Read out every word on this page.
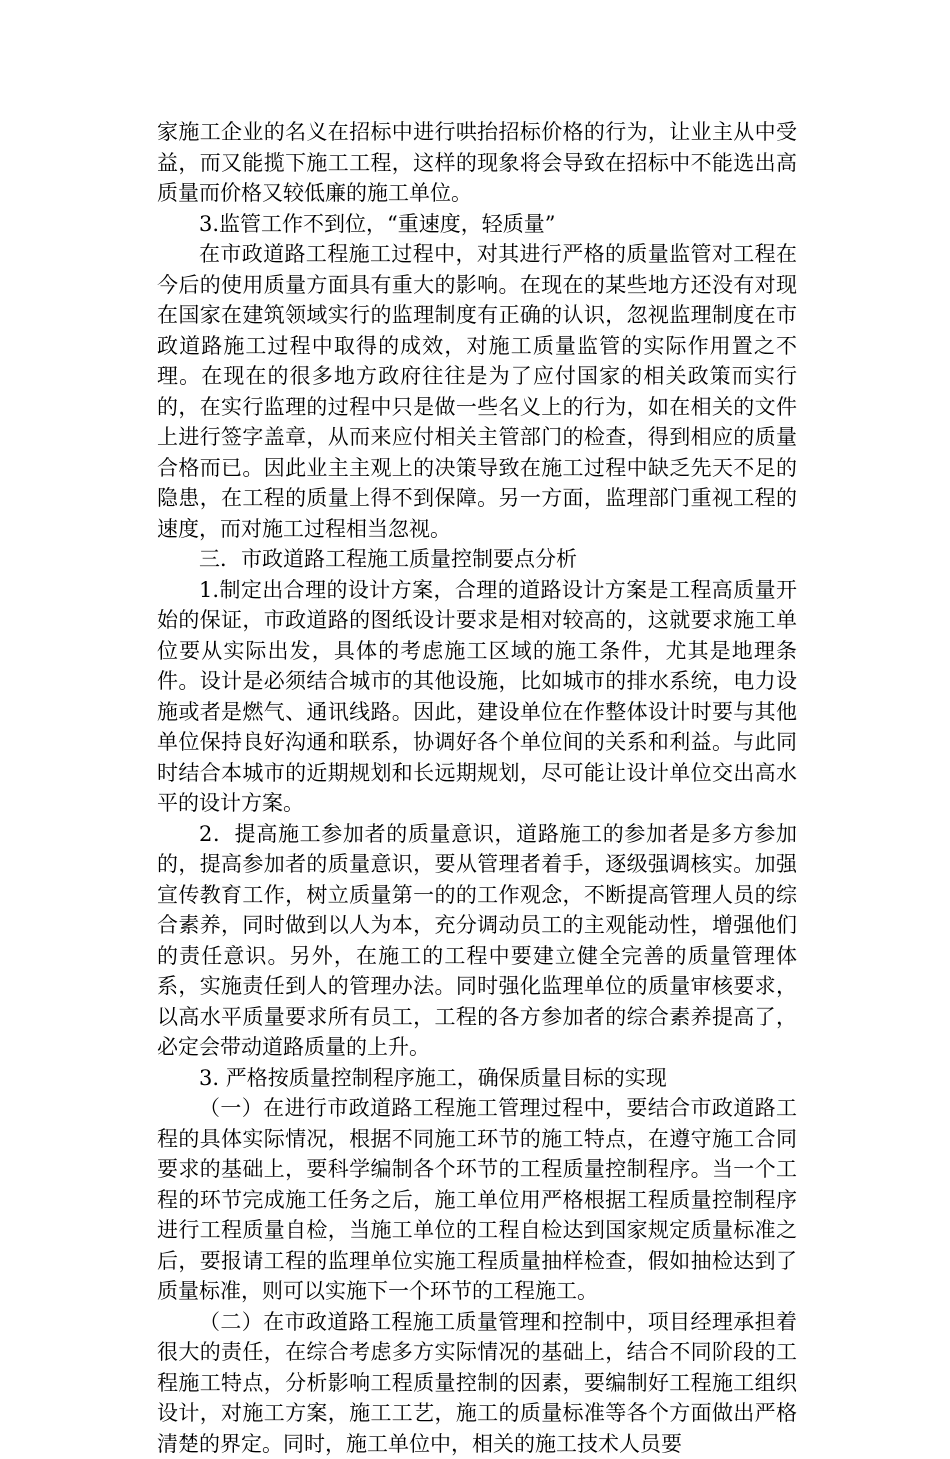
家施工企业的名义在招标中进行哄抬招标价格的行为，让业主从中受益，而又能揽下施工工程，这样的现象将会导致在招标中不能选出高质量而价格又较低廉的施工单位。

3.监管工作不到位，“重速度，轻质量”

在市政道路工程施工过程中，对其进行严格的质量监管对工程在今后的使用质量方面具有重大的影响。在现在的某些地方还没有对现在国家在建筑领域实行的监理制度有正确的认识，忽视监理制度在市政道路施工过程中取得的成效，对施工质量监管的实际作用置之不理。在现在的很多地方政府往往是为了应付国家的相关政策而实行的，在实行监理的过程中只是做一些名义上的行为，如在相关的文件上进行签字盖章，从而来应付相关主管部门的检查，得到相应的质量合格而已。因此业主主观上的决策导致在施工过程中缺乏先天不足的隐患，在工程的质量上得不到保障。另一方面，监理部门重视工程的速度，而对施工过程相当忽视。

三．市政道路工程施工质量控制要点分析

1.制定出合理的设计方案，合理的道路设计方案是工程高质量开始的保证，市政道路的图纸设计要求是相对较高的，这就要求施工单位要从实际出发，具体的考虑施工区域的施工条件，尤其是地理条件。设计是必须结合城市的其他设施，比如城市的排水系统，电力设施或者是燃气、通讯线路。因此，建设单位在作整体设计时要与其他单位保持良好沟通和联系，协调好各个单位间的关系和利益。与此同时结合本城市的近期规划和长远期规划，尽可能让设计单位交出高水平的设计方案。

2．提高施工参加者的质量意识，道路施工的参加者是多方参加的，提高参加者的质量意识，要从管理者着手，逐级强调核实。加强宣传教育工作，树立质量第一的的工作观念，不断提高管理人员的综合素养，同时做到以人为本，充分调动员工的主观能动性，增强他们的责任意识。另外，在施工的工程中要建立健全完善的质量管理体系，实施责任到人的管理办法。同时强化监理单位的质量审核要求，以高水平质量要求所有员工，工程的各方参加者的综合素养提高了，必定会带动道路质量的上升。

3. 严格按质量控制程序施工，确保质量目标的实现

（一）在进行市政道路工程施工管理过程中，要结合市政道路工程的具体实际情况，根据不同施工环节的施工特点，在遵守施工合同要求的基础上，要科学编制各个环节的工程质量控制程序。当一个工程的环节完成施工任务之后，施工单位用严格根据工程质量控制程序进行工程质量自检，当施工单位的工程自检达到国家规定质量标准之后，要报请工程的监理单位实施工程质量抽样检查，假如抽检达到了质量标准，则可以实施下一个环节的工程施工。

（二）在市政道路工程施工质量管理和控制中，项目经理承担着很大的责任，在综合考虑多方实际情况的基础上，结合不同阶段的工程施工特点，分析影响工程质量控制的因素，要编制好工程施工组织设计，对施工方案，施工工艺，施工的质量标准等各个方面做出严格清楚的界定。同时，施工单位中，相关的施工技术人员要
